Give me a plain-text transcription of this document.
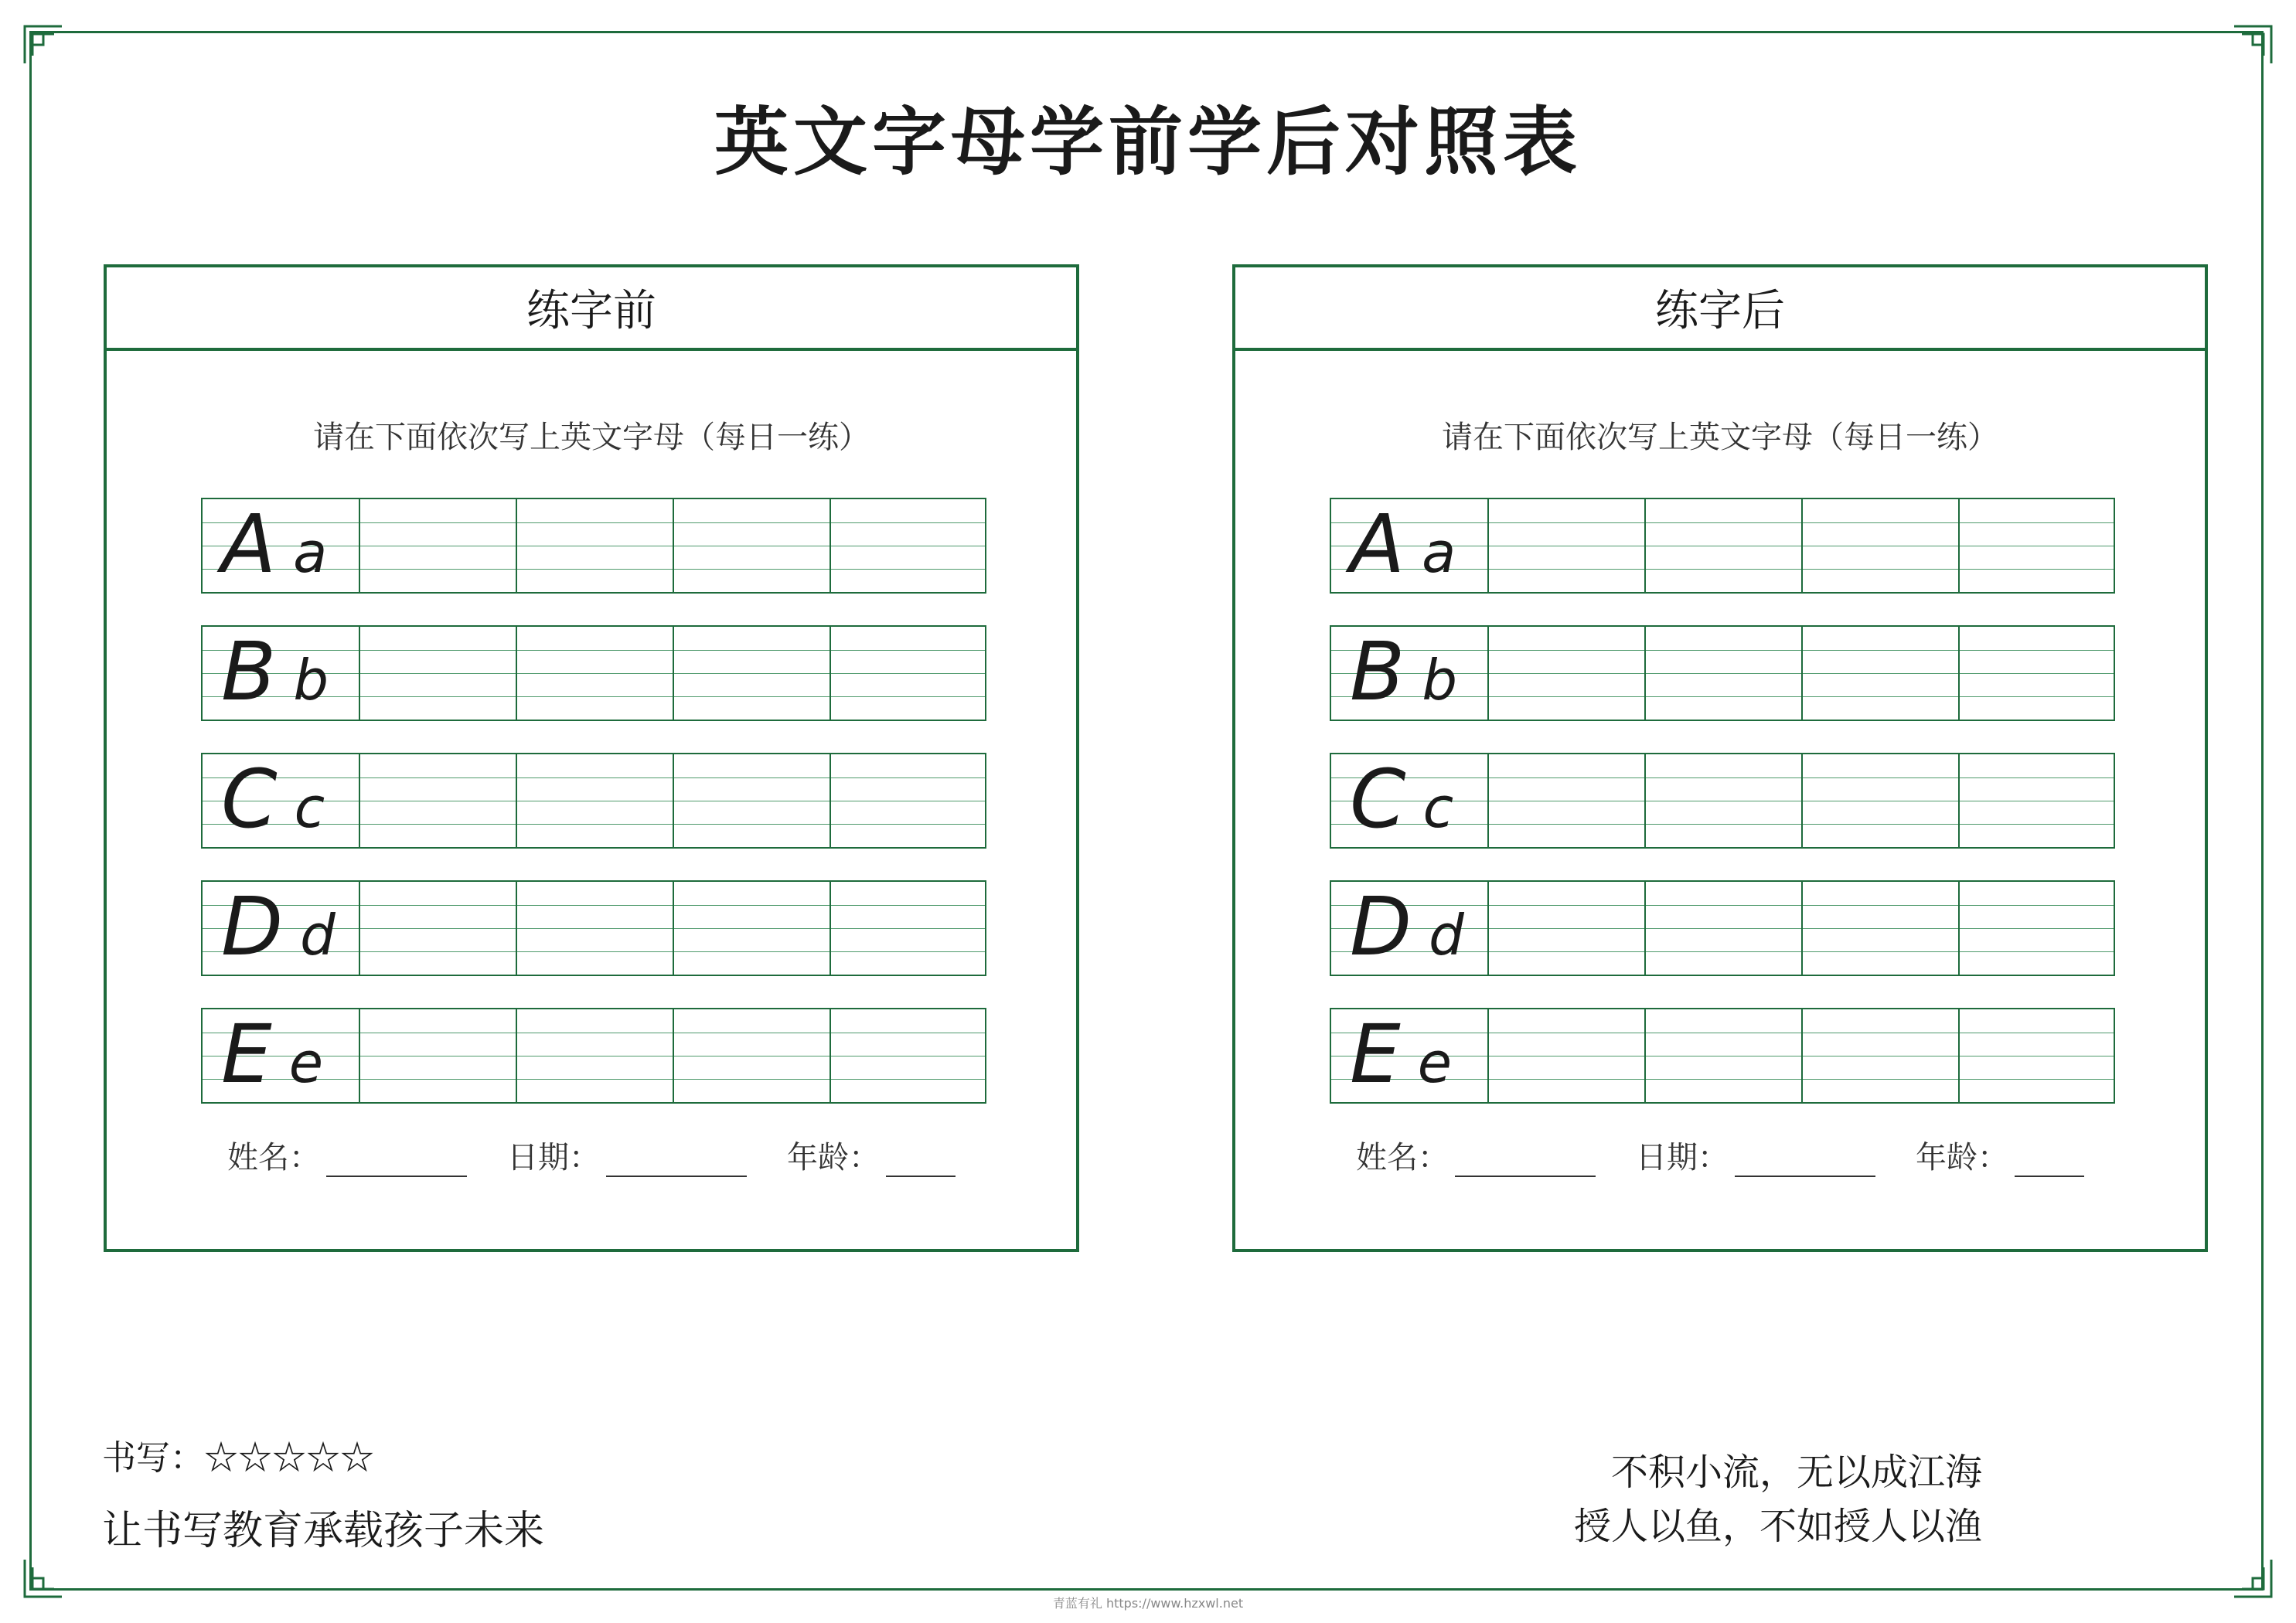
英文字母学前学后对照表
练字前
请在下面依次写上英文字母（每日一练）
A a
B b
C c
D d
E e
姓名：	日期：	年龄：
练字后
请在下面依次写上英文字母（每日一练）
A a
B b
C c
D d
E e
姓名：	日期：	年龄：
书写：☆☆☆☆☆
让书写教育承载孩子未来
不积小流，无以成江海
授人以鱼，不如授人以渔
青蓝有礼 https://www.hzxwl.net
